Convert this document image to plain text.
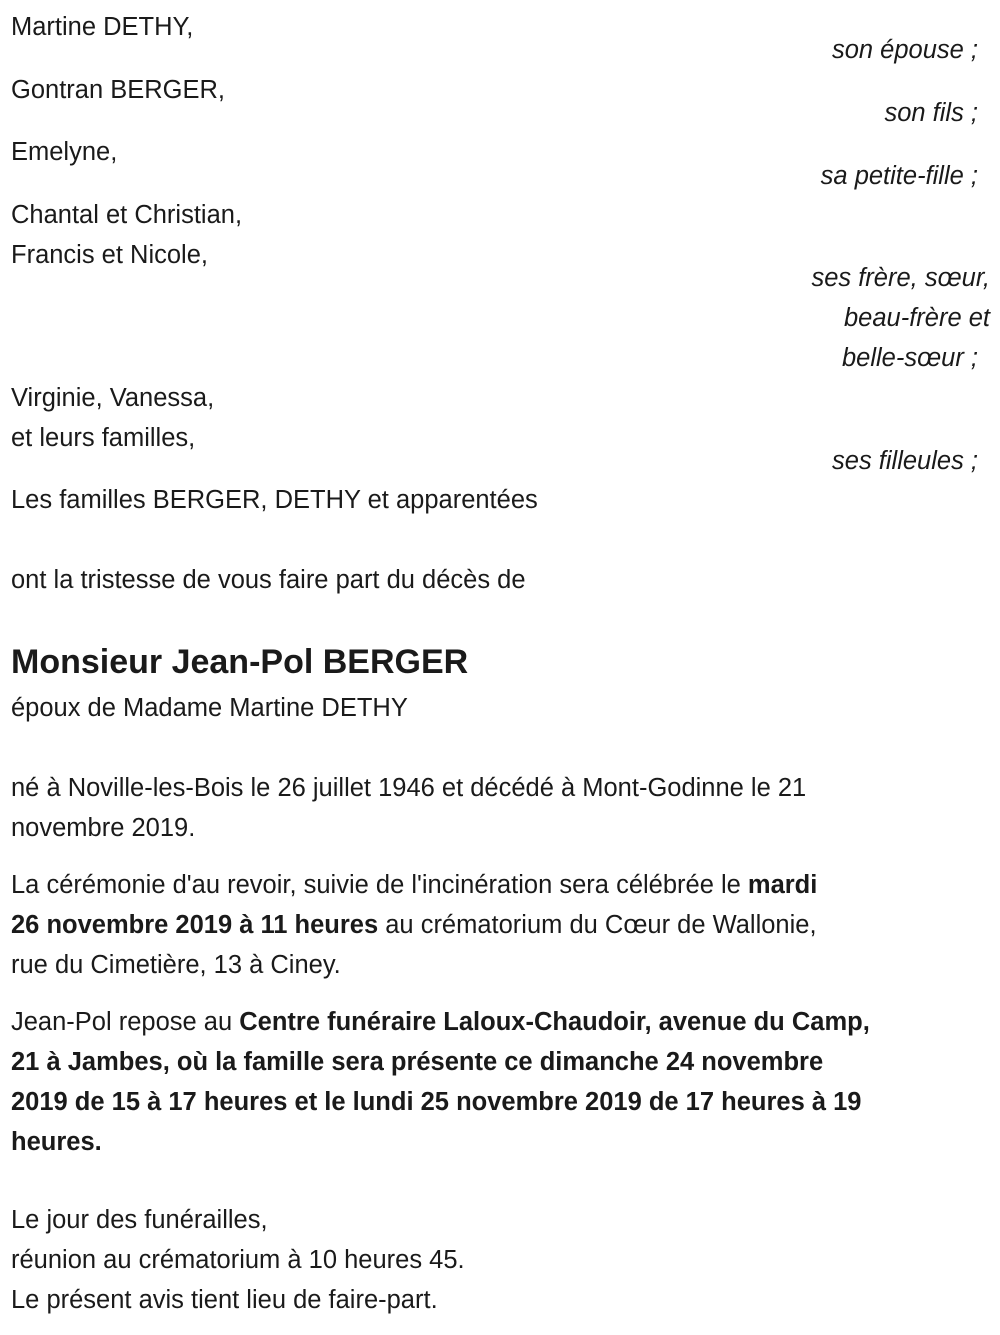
Martine DETHY,
son épouse ;
Gontran BERGER,
son fils ;
Emelyne,
sa petite-fille ;
Chantal et Christian,
Francis et Nicole,
ses frère, sœur,
beau-frère et
belle-sœur ;
Virginie, Vanessa,
et leurs familles,
ses filleules ;
Les familles BERGER, DETHY et apparentées
ont la tristesse de vous faire part du décès de
Monsieur Jean-Pol BERGER
époux de Madame Martine DETHY
né à Noville-les-Bois le 26 juillet 1946 et décédé à Mont-Godinne le 21
novembre 2019.
La cérémonie d'au revoir, suivie de l'incinération sera célébrée le mardi
26 novembre 2019 à 11 heures au crématorium du Cœur de Wallonie,
rue du Cimetière, 13 à Ciney.
Jean-Pol repose au Centre funéraire Laloux-Chaudoir, avenue du Camp,
21 à Jambes, où la famille sera présente ce dimanche 24 novembre
2019 de 15 à 17 heures et le lundi 25 novembre 2019 de 17 heures à 19
heures.
Le jour des funérailles,
réunion au crématorium à 10 heures 45.
Le présent avis tient lieu de faire-part.
